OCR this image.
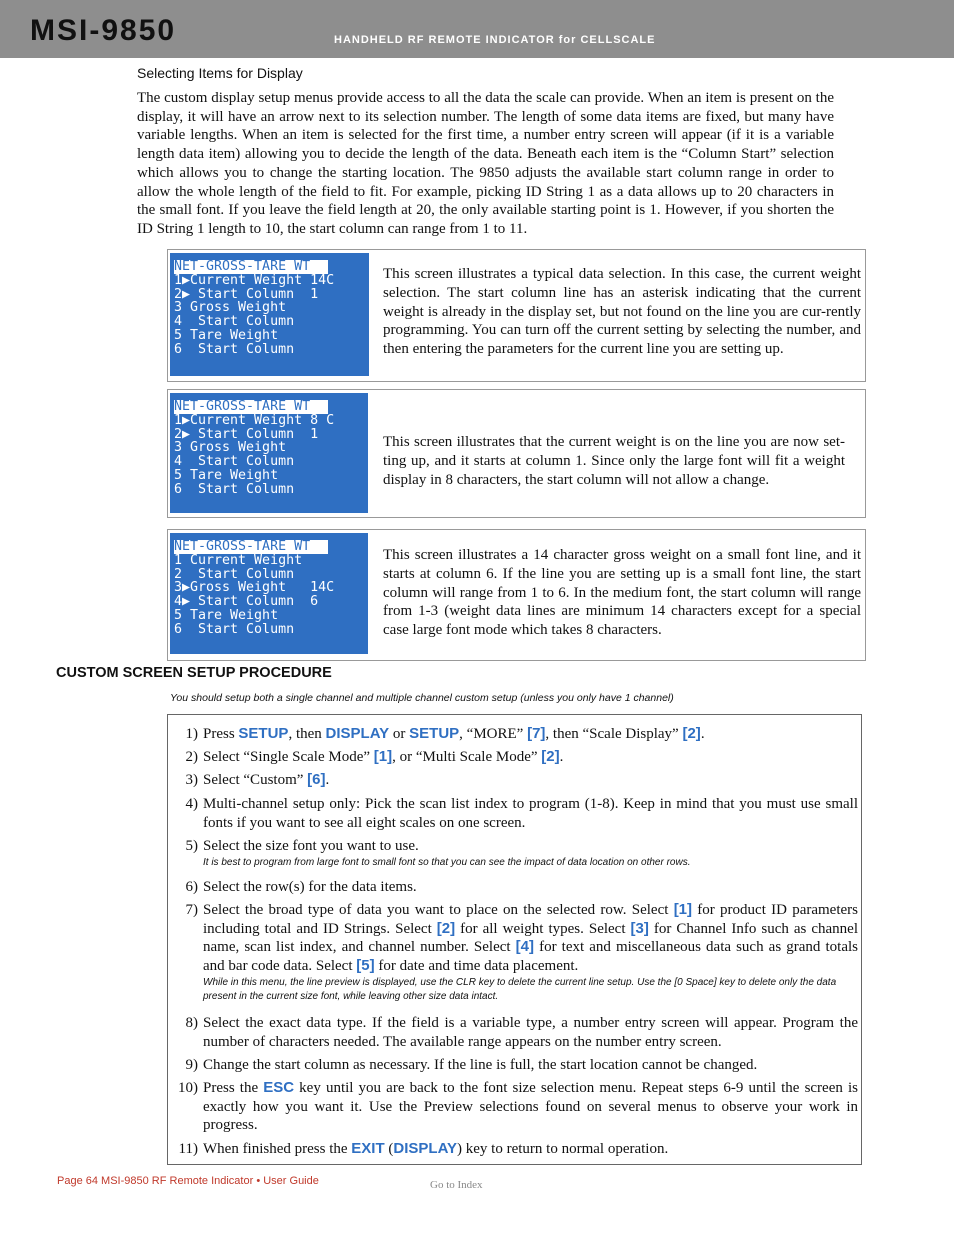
MSI-9850	HANDHELD RF REMOTE INDICATOR for CELLSCALE
Selecting Items for Display

The custom display setup menus provide access to all the data the scale can provide. When an item is present on the display, it will have an arrow next to its selection number. The length of some data items are fixed, but many have variable lengths. When an item is selected for the first time, a number entry screen will appear (if it is a variable length data item) allowing you to decide the length of the data. Beneath each item is the “Column Start” selection which allows you to change the starting location. The 9850 adjusts the available start column range in order to allow the whole length of the field to fit. For example, picking ID String 1 as a data allows up to 20 characters in the small font. If you leave the field length at 20, the only available starting point is 1. However, if you shorten the ID String 1 length to 10, the start column can range from 1 to 11.

NET-GROSS-TARE WT
1▶Current Weight 14C
2▶ Start Column  1
3 Gross Weight
4  Start Column
5 Tare Weight
6  Start Column

This screen illustrates a typical data selection. In this case, the current weight selection. The start column line has an asterisk indicating that the current weight is already in the display set, but not found on the line you are cur-rently programming. You can turn off the current setting by selecting the number, and then entering the parameters for the current line you are setting up.

NET-GROSS-TARE WT
1▶Current Weight 8 C
2▶ Start Column  1
3 Gross Weight
4  Start Column
5 Tare Weight
6  Start Column

This screen illustrates that the current weight is on the line you are now set-ting up, and it starts at column 1. Since only the large font will fit a weight display in 8 characters, the start column will not allow a change.

NET-GROSS-TARE WT
1 Current Weight
2  Start Column
3▶Gross Weight   14C
4▶ Start Column  6
5 Tare Weight
6  Start Column

This screen illustrates a 14 character gross weight on a small font line, and it starts at column 6. If the line you are setting up is a small font line, the start column will range from 1 to 6. In the medium font, the start column will range from 1-3 (weight data lines are minimum 14 characters except for a special case large font mode which takes 8 characters.

CUSTOM SCREEN SETUP PROCEDURE
You should setup both a single channel and multiple channel custom setup (unless you only have 1 channel)
1) Press SETUP, then DISPLAY or SETUP, “MORE” [7], then “Scale Display” [2].
2) Select “Single Scale Mode” [1], or “Multi Scale Mode” [2].
3) Select “Custom” [6].
4) Multi-channel setup only: Pick the scan list index to program (1-8). Keep in mind that you must use small fonts if you want to see all eight scales on one screen.
5) Select the size font you want to use.
It is best to program from large font to small font so that you can see the impact of data location on other rows.
6) Select the row(s) for the data items.
7) Select the broad type of data you want to place on the selected row. Select [1] for product ID parameters including total and ID Strings. Select [2] for all weight types. Select [3] for Channel Info such as channel name, scan list index, and channel number. Select [4] for text and miscellaneous data such as grand totals and bar code data. Select [5] for date and time data placement.
While in this menu, the line preview is displayed, use the CLR key to delete the current line setup. Use the [0 Space] key to delete only the data present in the current size font, while leaving other size data intact.
8) Select the exact data type. If the field is a variable type, a number entry screen will appear. Program the number of characters needed. The available range appears on the number entry screen.
9) Change the start column as necessary. If the line is full, the start location cannot be changed.
10) Press the ESC key until you are back to the font size selection menu. Repeat steps 6-9 until the screen is exactly how you want it. Use the Preview selections found on several menus to observe your work in progress.
11) When finished press the EXIT (DISPLAY) key to return to normal operation.
Page 64 MSI-9850 RF Remote Indicator • User Guide	Go to Index
